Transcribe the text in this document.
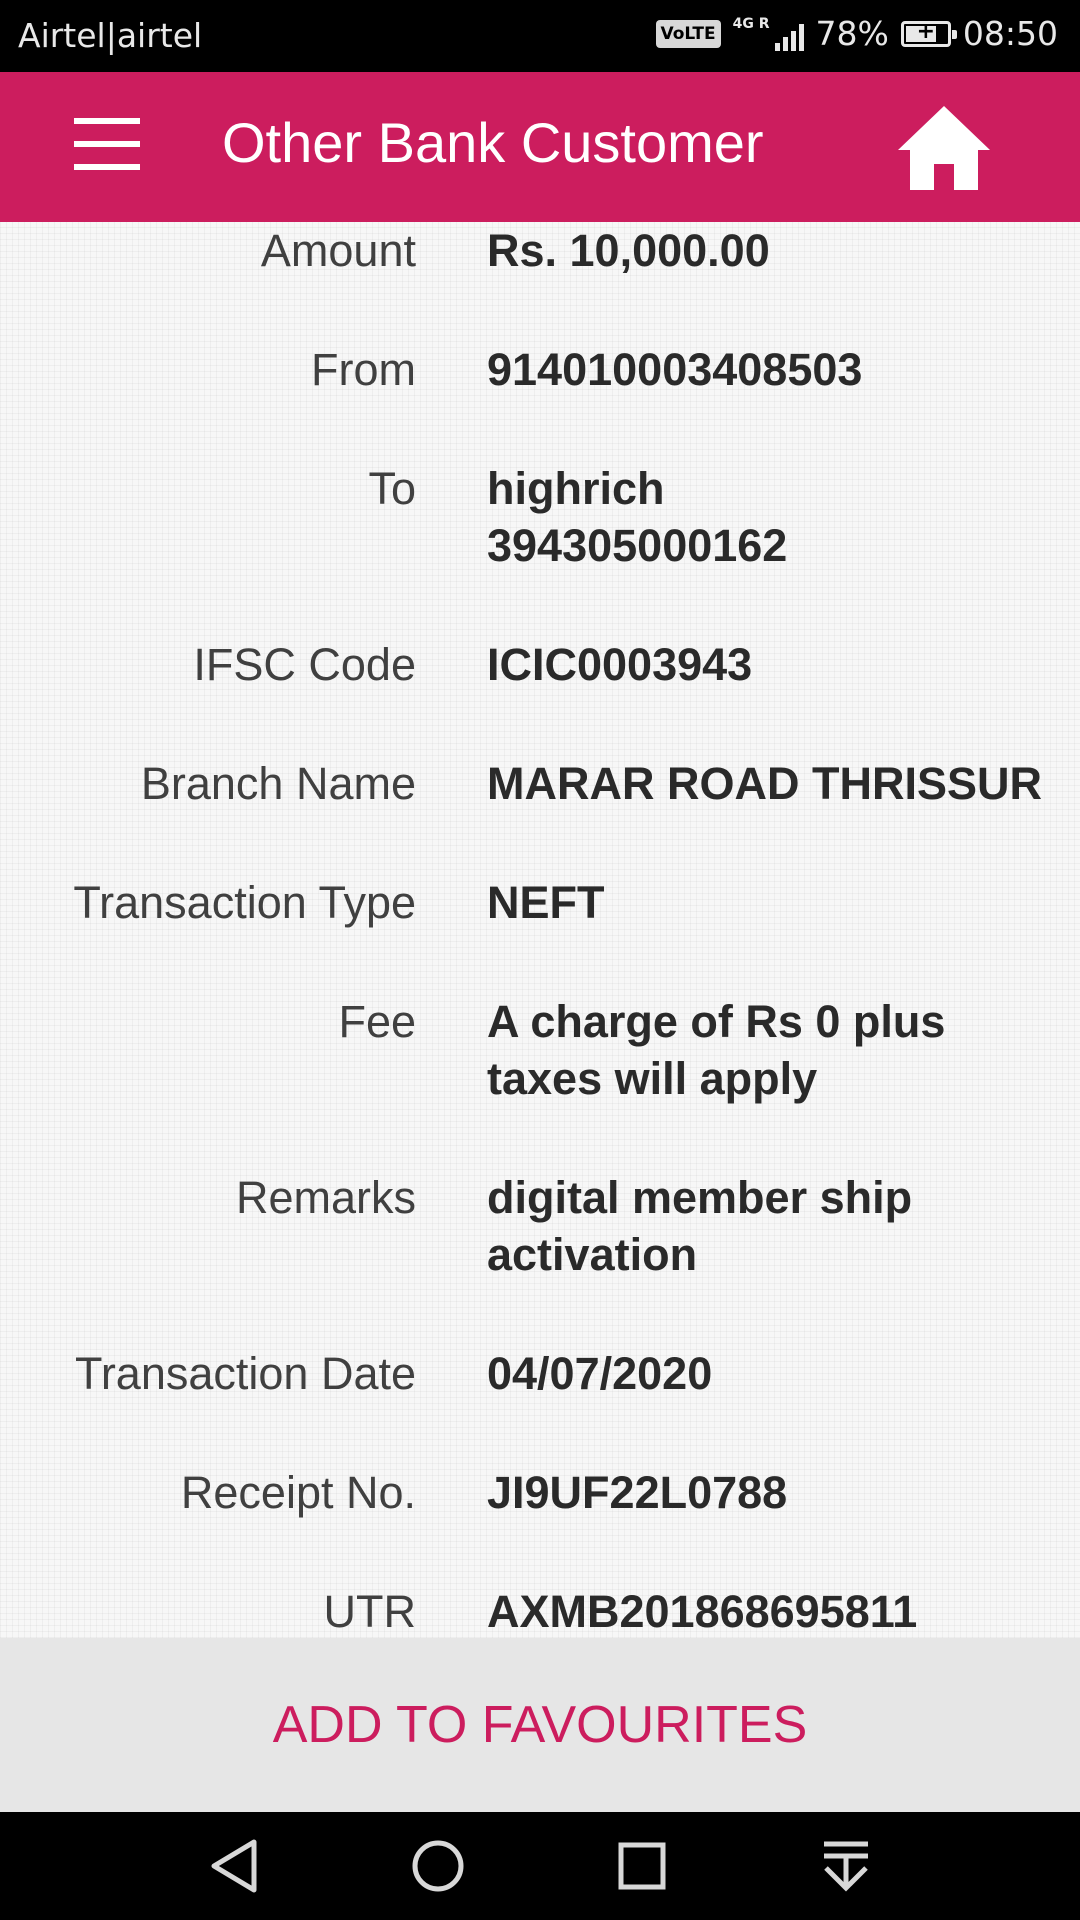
Airtel|airtel	VoLTE	4G R 78%	+ 08:50
Other Bank Customer
Amount Rs. 10,000.00
From 914010003408503
To highrich 394305000162
IFSC Code ICIC0003943
Branch Name MARAR ROAD THRISSUR
Transaction Type NEFT
Fee A charge of Rs 0 plus taxes will apply
Remarks digital member ship activation
Transaction Date 04/07/2020
Receipt No. JI9UF22L0788
UTR AXMB201868695811
ADD TO FAVOURITES
